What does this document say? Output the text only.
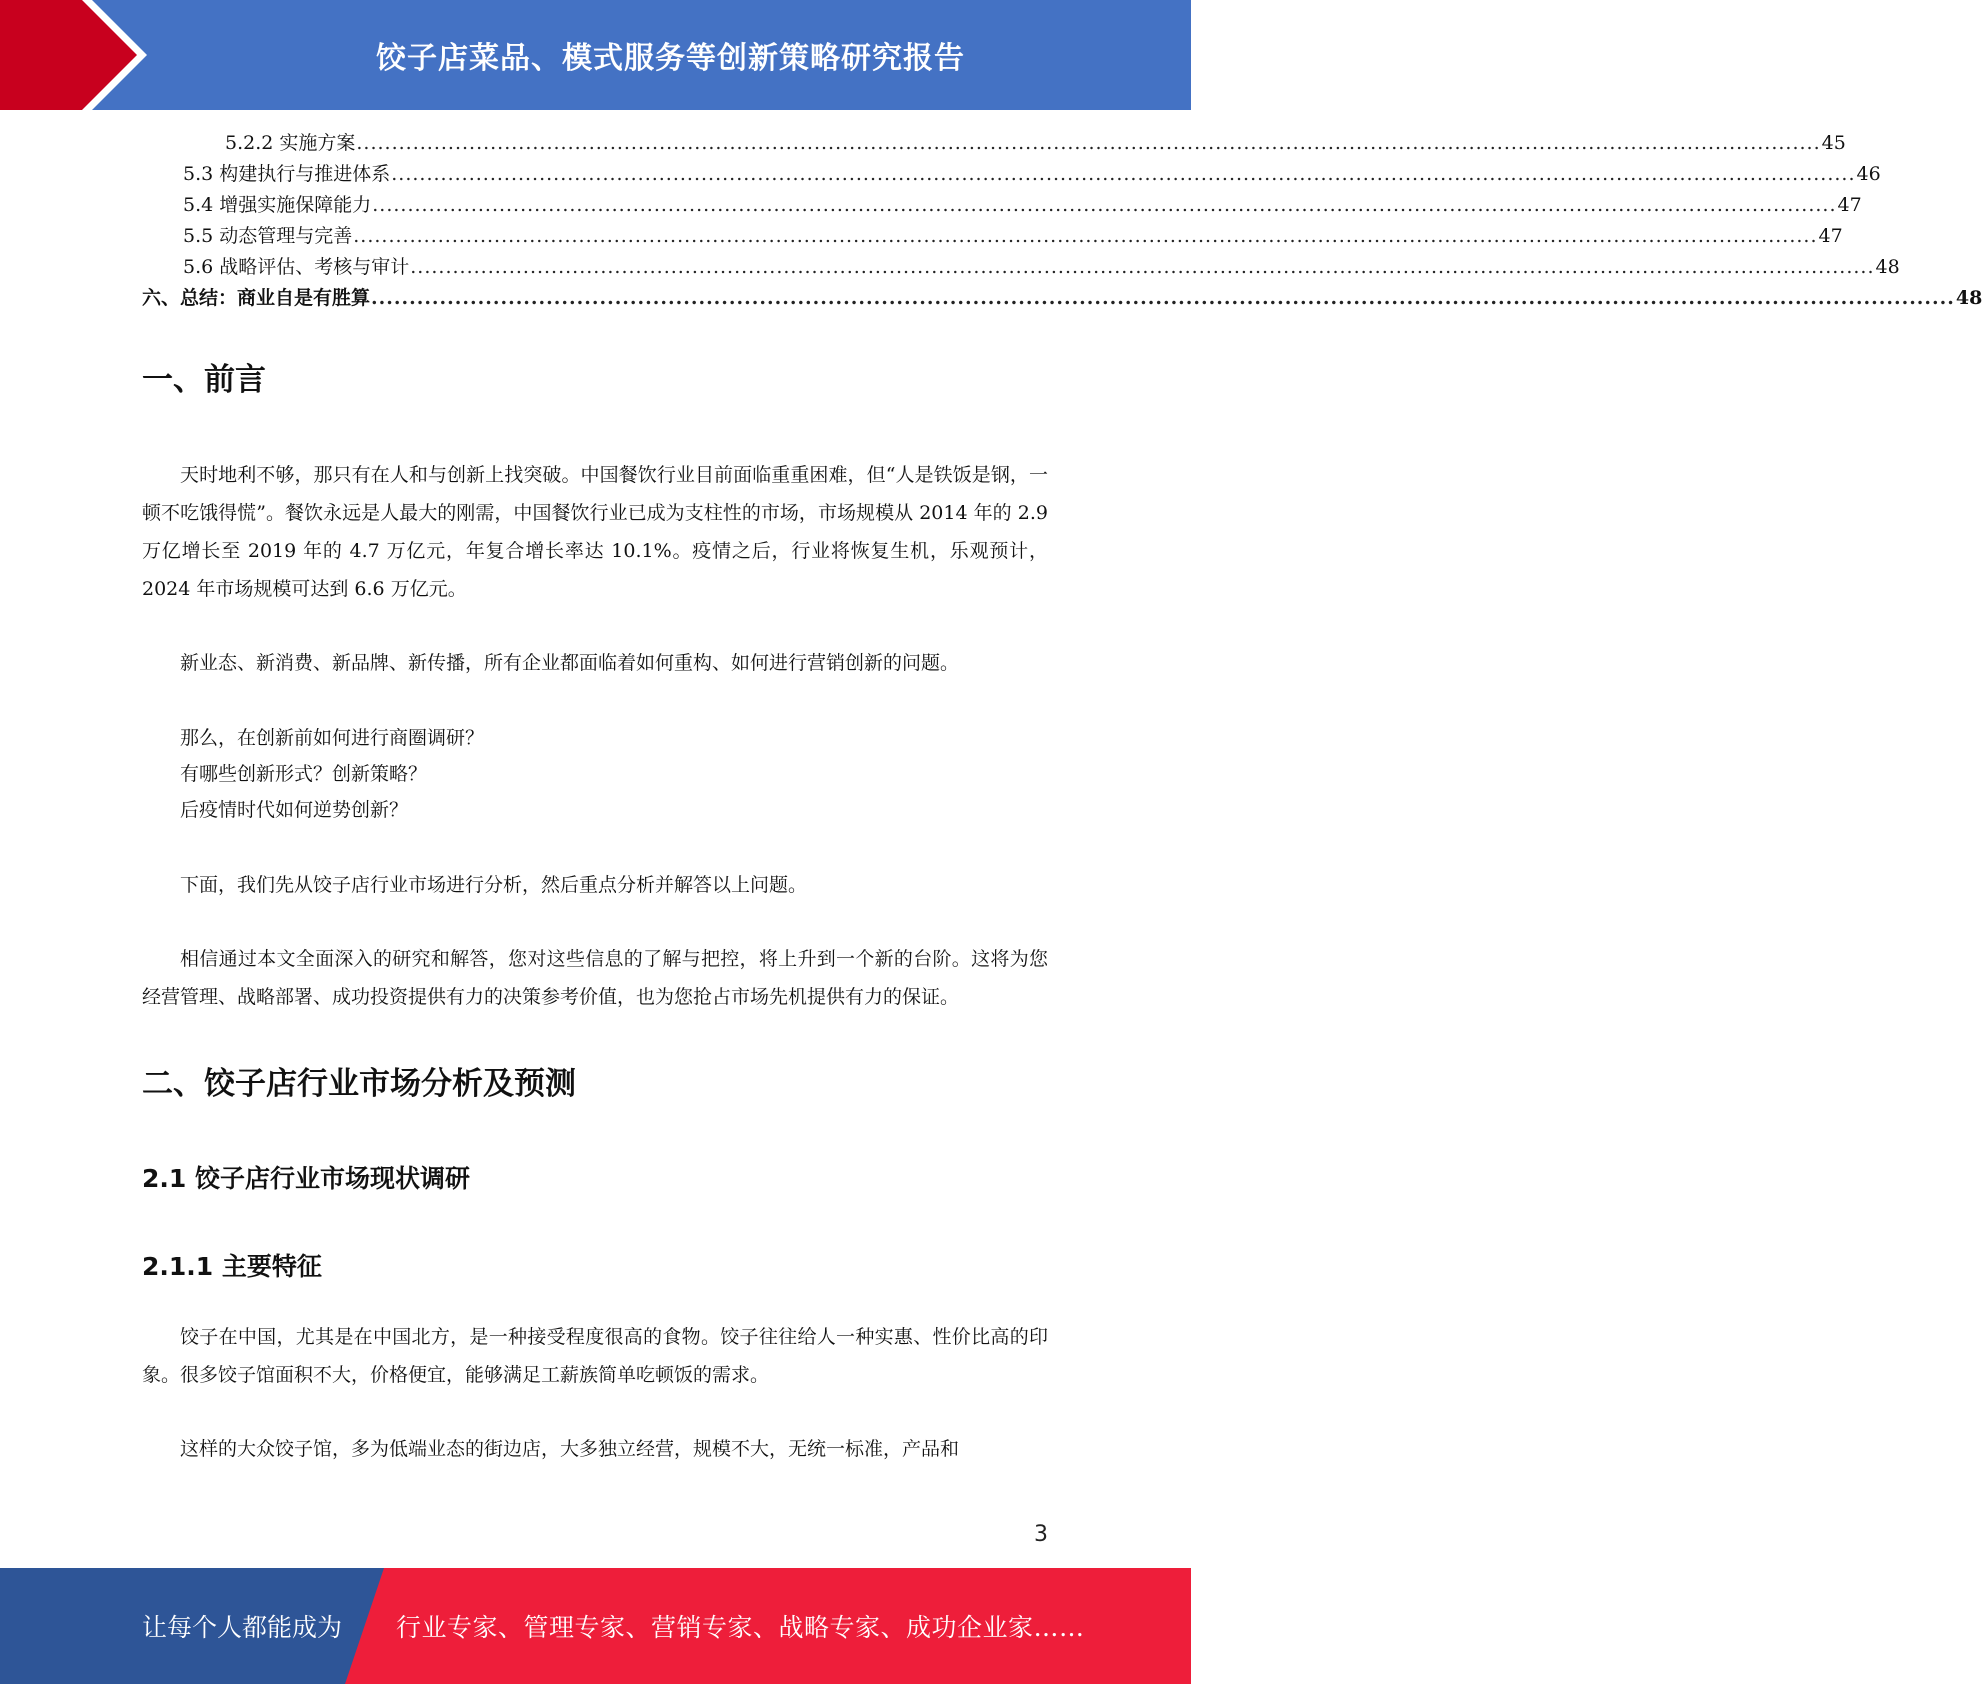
饺子店菜品、模式服务等创新策略研究报告
5.2.2 实施方案 ................................................................................................................................................................................................................ 45
5.3 构建执行与推进体系 ................................................................................................................................................................................................................ 46
5.4 增强实施保障能力 ................................................................................................................................................................................................................ 47
5.5 动态管理与完善 ................................................................................................................................................................................................................ 47
5.6 战略评估、考核与审计 ................................................................................................................................................................................................................ 48
六、总结：商业自是有胜算 ................................................................................................................................................................................................................ 48
一、前言

天时地利不够，那只有在人和与创新上找突破。中国餐饮行业目前面临重重困难，但“人是铁饭是钢，一顿不吃饿得慌”。餐饮永远是人最大的刚需，中国餐饮行业已成为支柱性的市场，市场规模从 2014 年的 2.9 万亿增长至 2019 年的 4.7 万亿元，年复合增长率达 10.1%。疫情之后，行业将恢复生机，乐观预计，2024 年市场规模可达到 6.6 万亿元。

新业态、新消费、新品牌、新传播，所有企业都面临着如何重构、如何进行营销创新的问题。

那么，在创新前如何进行商圈调研？
有哪些创新形式？创新策略？
后疫情时代如何逆势创新？

下面，我们先从饺子店行业市场进行分析，然后重点分析并解答以上问题。

相信通过本文全面深入的研究和解答，您对这些信息的了解与把控，将上升到一个新的台阶。这将为您经营管理、战略部署、成功投资提供有力的决策参考价值，也为您抢占市场先机提供有力的保证。

二、饺子店行业市场分析及预测
2.1 饺子店行业市场现状调研
2.1.1 主要特征

饺子在中国，尤其是在中国北方，是一种接受程度很高的食物。饺子往往给人一种实惠、性价比高的印象。很多饺子馆面积不大，价格便宜，能够满足工薪族简单吃顿饭的需求。

这样的大众饺子馆，多为低端业态的街边店，大多独立经营，规模不大，无统一标准，产品和

3
让每个人都能成为 行业专家、管理专家、营销专家、战略专家、成功企业家……
